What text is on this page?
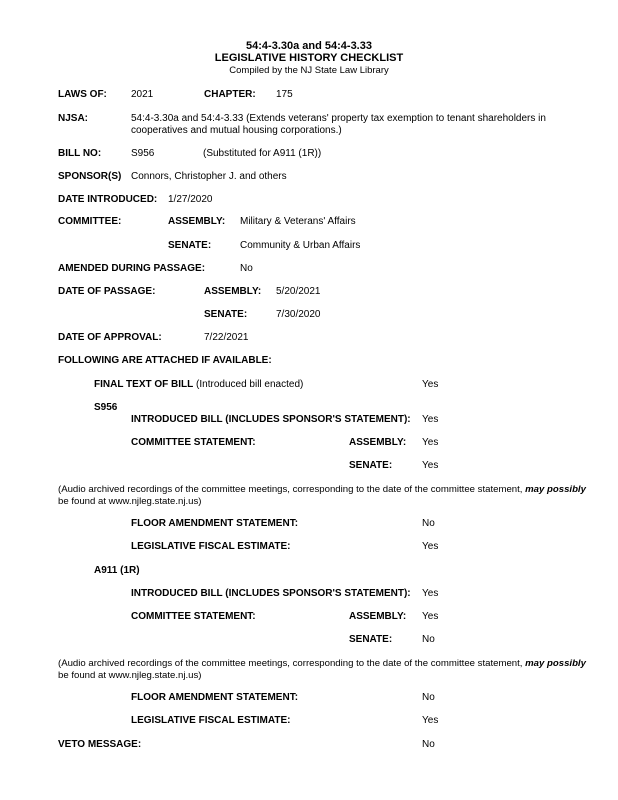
54:4-3.30a and 54:4-3.33
LEGISLATIVE HISTORY CHECKLIST
Compiled by the NJ State Law Library
LAWS OF: 2021	CHAPTER: 175
NJSA:	54:4-3.30a and 54:4-3.33 (Extends veterans' property tax exemption to tenant shareholders in cooperatives and mutual housing corporations.)
BILL NO:	S956	(Substituted for A911 (1R))
SPONSOR(S) Connors, Christopher J. and others
DATE INTRODUCED: 1/27/2020
COMMITTEE:	ASSEMBLY: Military & Veterans' Affairs
SENATE:	Community & Urban Affairs
AMENDED DURING PASSAGE:	No
DATE OF PASSAGE:	ASSEMBLY: 5/20/2021
SENATE:	7/30/2020
DATE OF APPROVAL:	7/22/2021
FOLLOWING ARE ATTACHED IF AVAILABLE:
FINAL TEXT OF BILL (Introduced bill enacted)	Yes
S956
INTRODUCED BILL (INCLUDES SPONSOR'S STATEMENT): Yes
COMMITTEE STATEMENT:	ASSEMBLY: Yes
SENATE:	Yes
(Audio archived recordings of the committee meetings, corresponding to the date of the committee statement, may possibly
be found at www.njleg.state.nj.us)
FLOOR AMENDMENT STATEMENT:	No
LEGISLATIVE FISCAL ESTIMATE:	Yes
A911 (1R)
INTRODUCED BILL (INCLUDES SPONSOR'S STATEMENT): Yes
COMMITTEE STATEMENT:	ASSEMBLY: Yes
SENATE:	No
(Audio archived recordings of the committee meetings, corresponding to the date of the committee statement, may possibly
be found at www.njleg.state.nj.us)
FLOOR AMENDMENT STATEMENT:	No
LEGISLATIVE FISCAL ESTIMATE:	Yes
VETO MESSAGE:	No
